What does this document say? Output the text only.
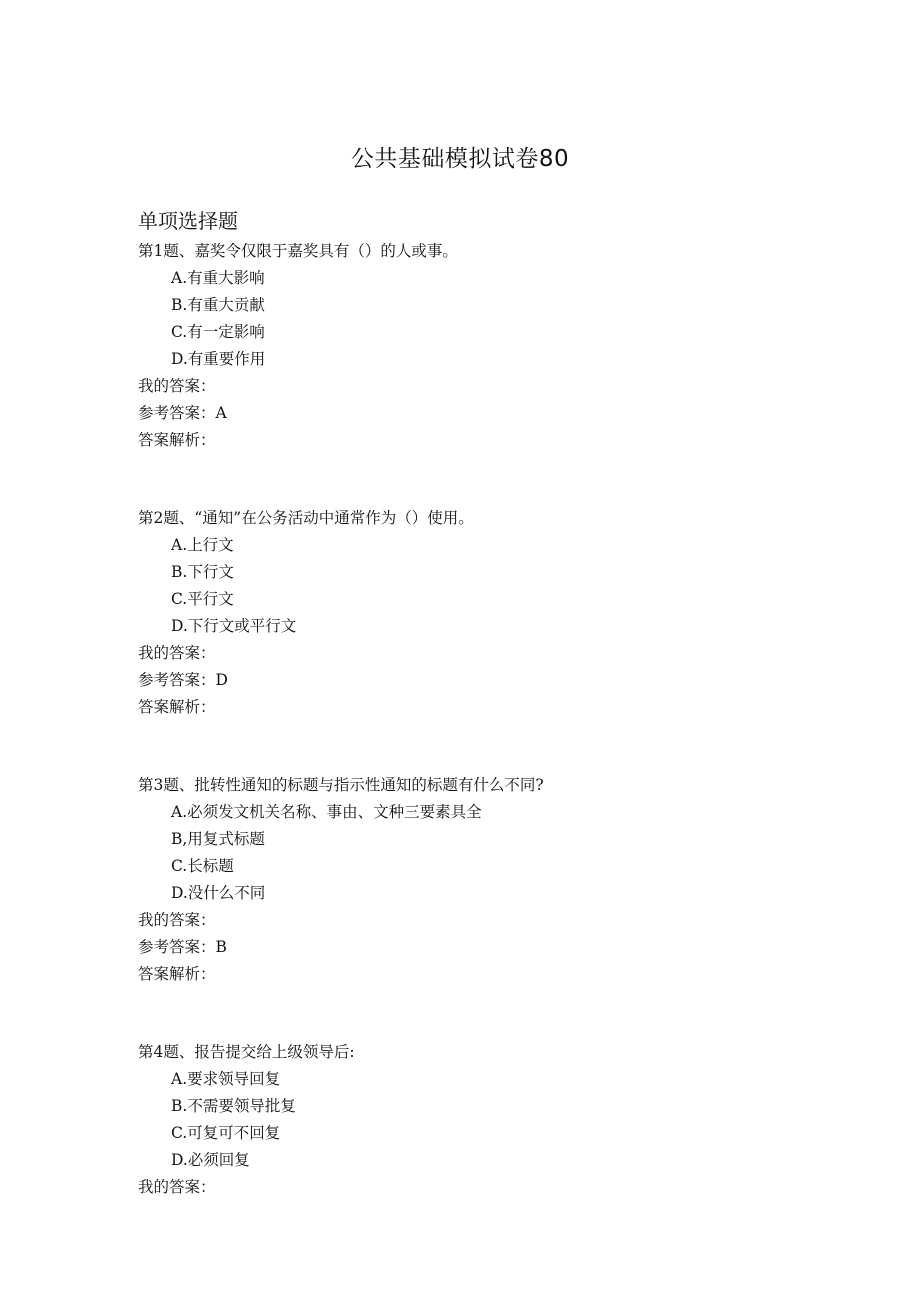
公共基础模拟试卷80
单项选择题
第1题、嘉奖令仅限于嘉奖具有（）的人或事。
A.有重大影响
B.有重大贡献
C.有一定影响
D.有重要作用
我的答案：
参考答案：A
答案解析：
第2题、“通知”在公务活动中通常作为（）使用。
A.上行文
B.下行文
C.平行文
D.下行文或平行文
我的答案：
参考答案：D
答案解析：
第3题、批转性通知的标题与指示性通知的标题有什么不同?
A.必须发文机关名称、事由、文种三要素具全
B,用复式标题
C.长标题
D.没什么不同
我的答案：
参考答案：B
答案解析：
第4题、报告提交给上级领导后:
A.要求领导回复
B.不需要领导批复
C.可复可不回复
D.必须回复
我的答案：
